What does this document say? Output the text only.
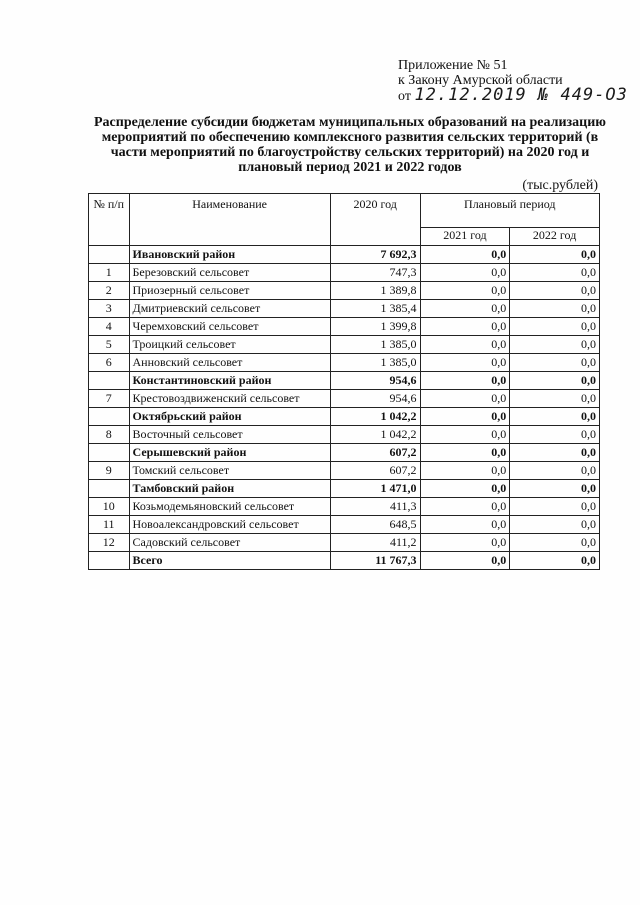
Приложение № 51
к Закону Амурской области
от 12.12.2019 № 449-ОЗ
Распределение субсидии бюджетам муниципальных образований на реализацию мероприятий по обеспечению комплексного развития сельских территорий (в части мероприятий по благоустройству сельских территорий) на 2020 год и плановый период 2021 и 2022 годов
(тыс.рублей)
№ п/п	Наименование	2020 год	Плановый период	
			2021 год	2022 год
	Ивановский район	7 692,3	0,0	0,0
1	Березовский сельсовет	747,3	0,0	0,0
2	Приозерный сельсовет	1 389,8	0,0	0,0
3	Дмитриевский сельсовет	1 385,4	0,0	0,0
4	Черемховский сельсовет	1 399,8	0,0	0,0
5	Троицкий сельсовет	1 385,0	0,0	0,0
6	Анновский сельсовет	1 385,0	0,0	0,0
	Константиновский район	954,6	0,0	0,0
7	Крестовоздвиженский сельсовет	954,6	0,0	0,0
	Октябрьский район	1 042,2	0,0	0,0
8	Восточный сельсовет	1 042,2	0,0	0,0
	Серышевский район	607,2	0,0	0,0
9	Томский сельсовет	607,2	0,0	0,0
	Тамбовский район	1 471,0	0,0	0,0
10	Козьмодемьяновский сельсовет	411,3	0,0	0,0
11	Новоалександровский сельсовет	648,5	0,0	0,0
12	Садовский сельсовет	411,2	0,0	0,0
	Всего	11 767,3	0,0	0,0
